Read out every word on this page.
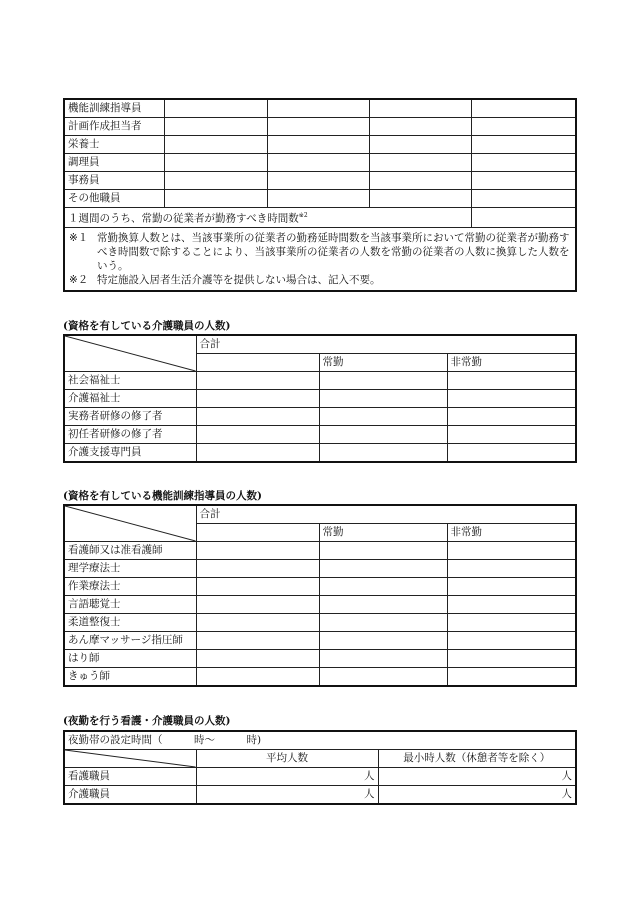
機能訓練指導員				
計画作成担当者				
栄養士				
調理員				
事務員				
その他職員				
１週間のうち、常勤の従業者が勤務すべき時間数$^{※2}$	

※１ 常勤換算人数とは、当該事業所の従業者の勤務延時間数を当該事業所において常勤の従業者が勤務すべき時間数で除することにより、当該事業所の従業者の人数を常勤の従業者の人数に換算した人数をいう。
※２ 特定施設入居者生活介護等を提供しない場合は、記入不要。				
(資格を有している介護職員の人数)
	合計		
		常勤	非常勤
社会福祉士			
介護福祉士			
実務者研修の修了者			
初任者研修の修了者			
介護支援専門員			
(資格を有している機能訓練指導員の人数)
	合計		
		常勤	非常勤
看護師又は准看護師			
理学療法士			
作業療法士			
言語聴覚士			
柔道整復士			
あん摩マッサージ指圧師			
はり師			
きゅう師			
(夜勤を行う看護・介護職員の人数)
夜勤帯の設定時間（　　　時～　　　時)		

	平均人数	最小時人数（休憩者等を除く）
看護職員	人	人
介護職員	人	人
